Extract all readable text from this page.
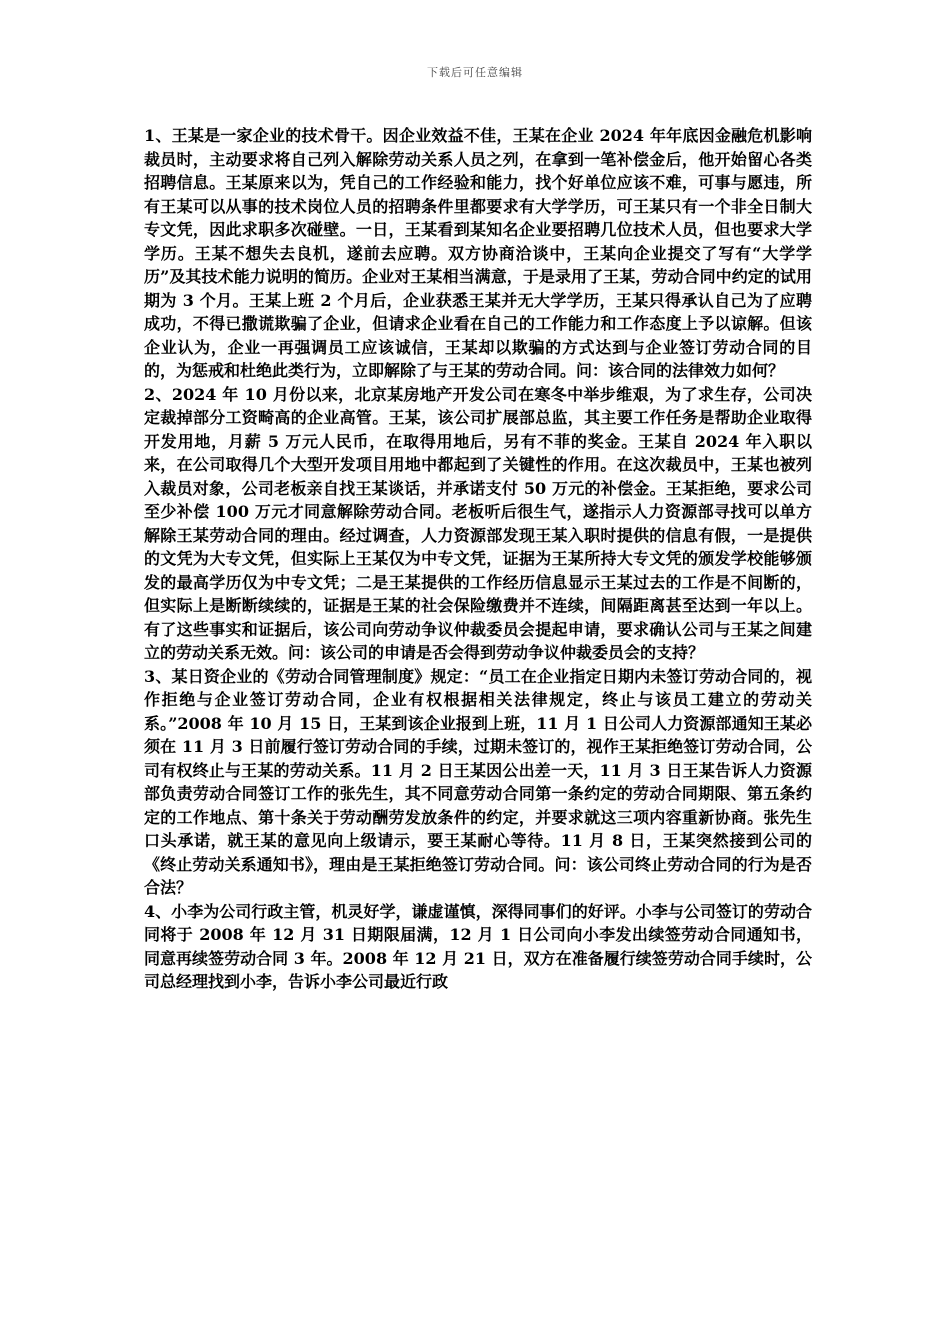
下载后可任意编辑

1、王某是一家企业的技术骨干。因企业效益不佳，王某在企业 2024 年年底因金融危机影响裁员时，主动要求将自己列入解除劳动关系人员之列，在拿到一笔补偿金后，他开始留心各类招聘信息。王某原来以为，凭自己的工作经验和能力，找个好单位应该不难，可事与愿违，所有王某可以从事的技术岗位人员的招聘条件里都要求有大学学历，可王某只有一个非全日制大专文凭，因此求职多次碰壁。一日，王某看到某知名企业要招聘几位技术人员，但也要求大学学历。王某不想失去良机，遂前去应聘。双方协商洽谈中，王某向企业提交了写有“大学学历”及其技术能力说明的简历。企业对王某相当满意，于是录用了王某，劳动合同中约定的试用期为 3 个月。王某上班 2 个月后，企业获悉王某并无大学学历，王某只得承认自己为了应聘成功，不得已撒谎欺骗了企业，但请求企业看在自己的工作能力和工作态度上予以谅解。但该企业认为，企业一再强调员工应该诚信，王某却以欺骗的方式达到与企业签订劳动合同的目的，为惩戒和杜绝此类行为，立即解除了与王某的劳动合同。问：该合同的法律效力如何？

2、2024 年 10 月份以来，北京某房地产开发公司在寒冬中举步维艰，为了求生存，公司决定裁掉部分工资畸高的企业高管。王某，该公司扩展部总监，其主要工作任务是帮助企业取得开发用地，月薪 5 万元人民币，在取得用地后，另有不菲的奖金。王某自 2024 年入职以来，在公司取得几个大型开发项目用地中都起到了关键性的作用。在这次裁员中，王某也被列入裁员对象，公司老板亲自找王某谈话，并承诺支付 50 万元的补偿金。王某拒绝，要求公司至少补偿 100 万元才同意解除劳动合同。老板听后很生气，遂指示人力资源部寻找可以单方解除王某劳动合同的理由。经过调查，人力资源部发现王某入职时提供的信息有假，一是提供的文凭为大专文凭，但实际上王某仅为中专文凭，证据为王某所持大专文凭的颁发学校能够颁发的最高学历仅为中专文凭；二是王某提供的工作经历信息显示王某过去的工作是不间断的，但实际上是断断续续的，证据是王某的社会保险缴费并不连续，间隔距离甚至达到一年以上。有了这些事实和证据后，该公司向劳动争议仲裁委员会提起申请，要求确认公司与王某之间建立的劳动关系无效。问：该公司的申请是否会得到劳动争议仲裁委员会的支持？

3、某日资企业的《劳动合同管理制度》规定：“员工在企业指定日期内未签订劳动合同的，视作拒绝与企业签订劳动合同，企业有权根据相关法律规定，终止与该员工建立的劳动关系。”2008 年 10 月 15 日，王某到该企业报到上班，11 月 1 日公司人力资源部通知王某必须在 11 月 3 日前履行签订劳动合同的手续，过期未签订的，视作王某拒绝签订劳动合同，公司有权终止与王某的劳动关系。11 月 2 日王某因公出差一天，11 月 3 日王某告诉人力资源部负责劳动合同签订工作的张先生，其不同意劳动合同第一条约定的劳动合同期限、第五条约定的工作地点、第十条关于劳动酬劳发放条件的约定，并要求就这三项内容重新协商。张先生口头承诺，就王某的意见向上级请示，要王某耐心等待。11 月 8 日，王某突然接到公司的《终止劳动关系通知书》，理由是王某拒绝签订劳动合同。问：该公司终止劳动合同的行为是否合法？

4、小李为公司行政主管，机灵好学，谦虚谨慎，深得同事们的好评。小李与公司签订的劳动合同将于 2008 年 12 月 31 日期限届满，12 月 1 日公司向小李发出续签劳动合同通知书，同意再续签劳动合同 3 年。2008 年 12 月 21 日，双方在准备履行续签劳动合同手续时，公司总经理找到小李，告诉小李公司最近行政
